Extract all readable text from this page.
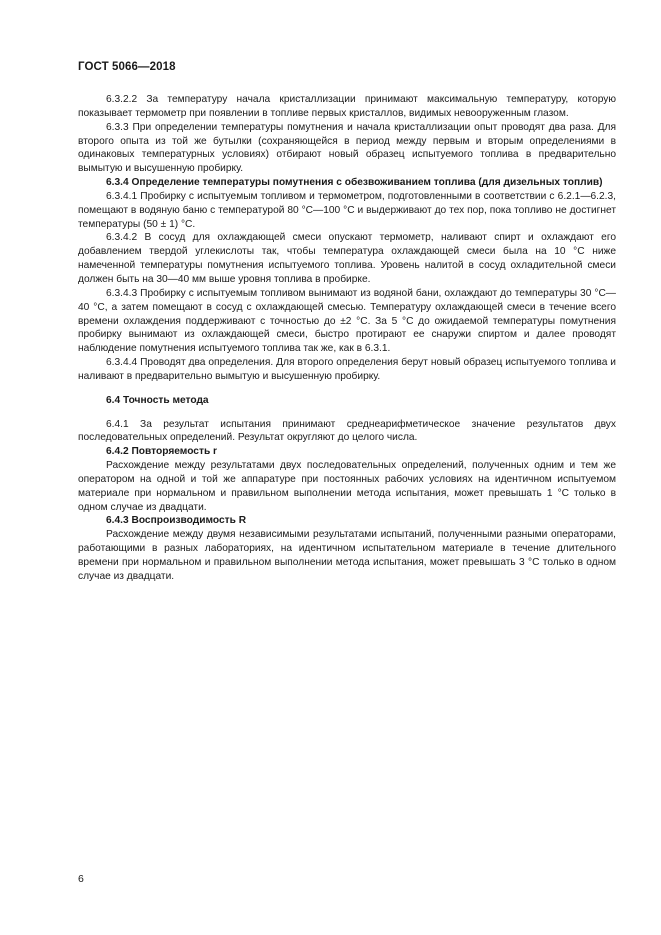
ГОСТ 5066—2018

6.3.2.2 За температуру начала кристаллизации принимают максимальную температуру, которую показывает термометр при появлении в топливе первых кристаллов, видимых невооруженным глазом.

6.3.3 При определении температуры помутнения и начала кристаллизации опыт проводят два раза. Для второго опыта из той же бутылки (сохраняющейся в период между первым и вторым определениями в одинаковых температурных условиях) отбирают новый образец испытуемого топлива в предварительно вымытую и высушенную пробирку.

6.3.4 Определение температуры помутнения с обезвоживанием топлива (для дизельных топлив)

6.3.4.1 Пробирку с испытуемым топливом и термометром, подготовленными в соответствии с 6.2.1—6.2.3, помещают в водяную баню с температурой 80 °С—100 °С и выдерживают до тех пор, пока топливо не достигнет температуры (50 ± 1) °С.

6.3.4.2 В сосуд для охлаждающей смеси опускают термометр, наливают спирт и охлаждают его добавлением твердой углекислоты так, чтобы температура охлаждающей смеси была на 10 °С ниже намеченной температуры помутнения испытуемого топлива. Уровень налитой в сосуд охладительной смеси должен быть на 30—40 мм выше уровня топлива в пробирке.

6.3.4.3 Пробирку с испытуемым топливом вынимают из водяной бани, охлаждают до температуры 30 °С—40 °С, а затем помещают в сосуд с охлаждающей смесью. Температуру охлаждающей смеси в течение всего времени охлаждения поддерживают с точностью до ±2 °С. За 5 °С до ожидаемой температуры помутнения пробирку вынимают из охлаждающей смеси, быстро протирают ее снаружи спиртом и далее проводят наблюдение помутнения испытуемого топлива так же, как в 6.3.1.

6.3.4.4 Проводят два определения. Для второго определения берут новый образец испытуемого топлива и наливают в предварительно вымытую и высушенную пробирку.

6.4 Точность метода

6.4.1 За результат испытания принимают среднеарифметическое значение результатов двух последовательных определений. Результат округляют до целого числа.

6.4.2 Повторяемость r

Расхождение между результатами двух последовательных определений, полученных одним и тем же оператором на одной и той же аппаратуре при постоянных рабочих условиях на идентичном испытуемом материале при нормальном и правильном выполнении метода испытания, может превышать 1 °С только в одном случае из двадцати.

6.4.3 Воспроизводимость R

Расхождение между двумя независимыми результатами испытаний, полученными разными операторами, работающими в разных лабораториях, на идентичном испытательном материале в течение длительного времени при нормальном и правильном выполнении метода испытания, может превышать 3 °С только в одном случае из двадцати.

6
